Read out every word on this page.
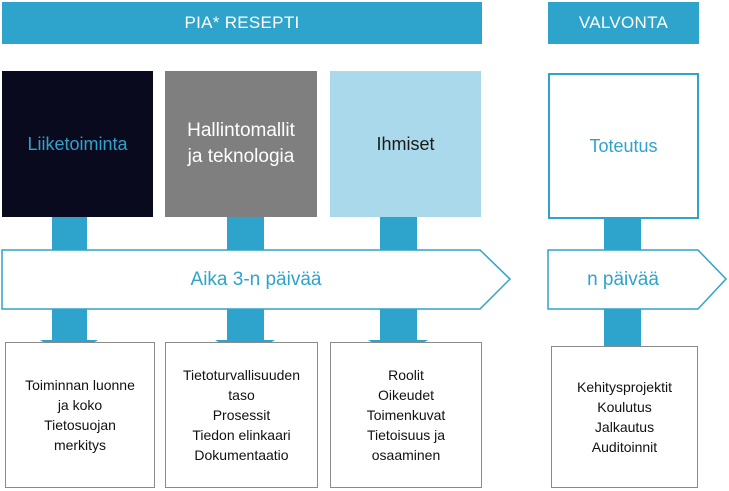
PIA* RESEPTI	VALVONTA
Liiketoiminta
Hallintomallit
ja teknologia
Ihmiset	Toteutus
Aika 3-n päivää	n päivää
Toiminnan luonne
ja koko
Tietosuojan
merkitys
Tietoturvallisuuden
taso
Prosessit
Tiedon elinkaari
Dokumentaatio
Roolit
Oikeudet
Toimenkuvat
Tietoisuus ja
osaaminen
Kehitysprojektit
Koulutus
Jalkautus
Auditoinnit
